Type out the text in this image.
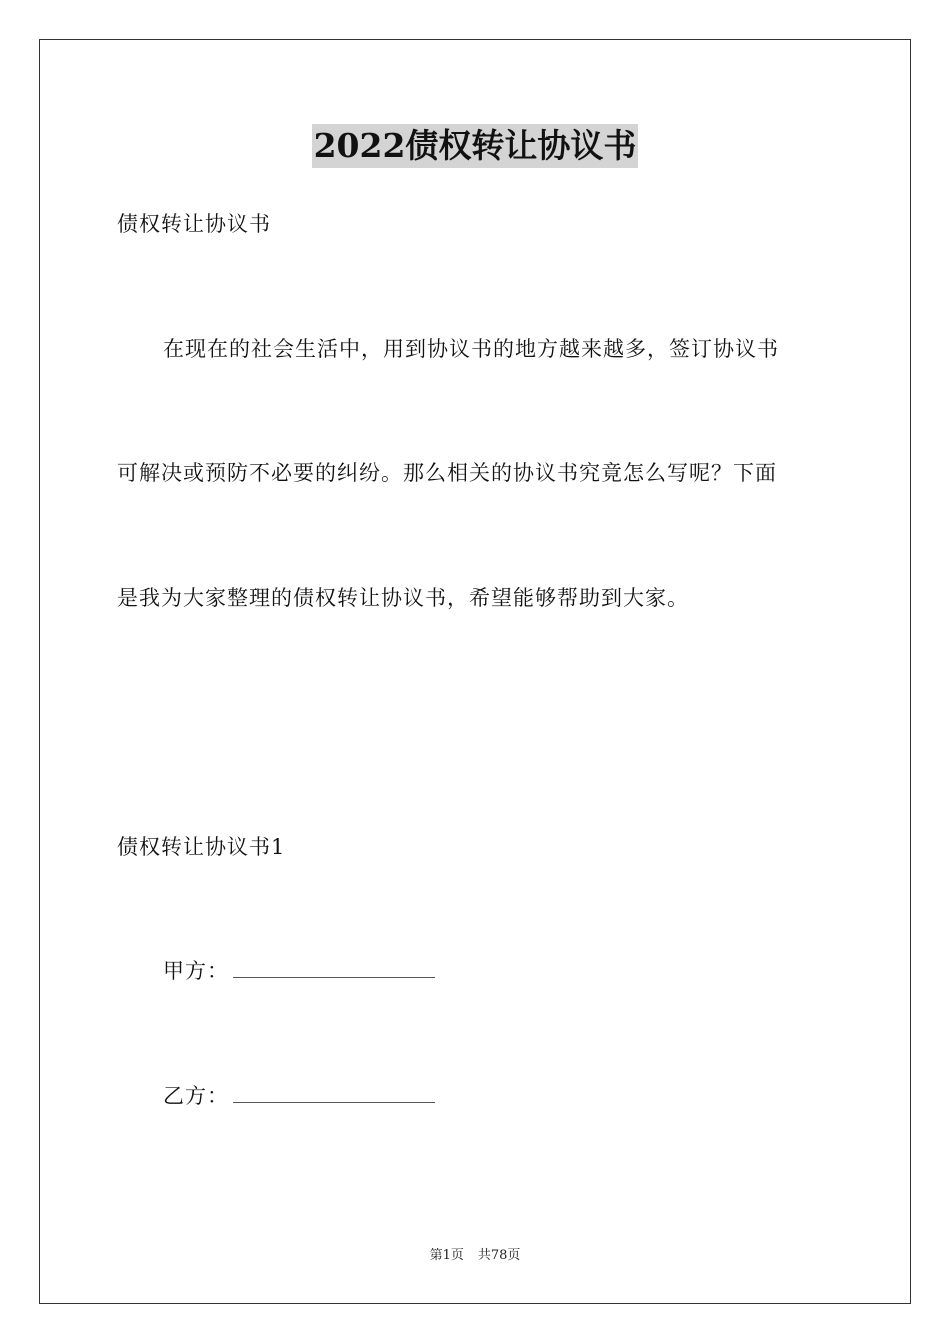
2022债权转让协议书
债权转让协议书
在现在的社会生活中，用到协议书的地方越来越多，签订协议书
可解决或预防不必要的纠纷。那么相关的协议书究竟怎么写呢？下面
是我为大家整理的债权转让协议书，希望能够帮助到大家。
债权转让协议书1
甲方：
乙方：
第1页 共78页
